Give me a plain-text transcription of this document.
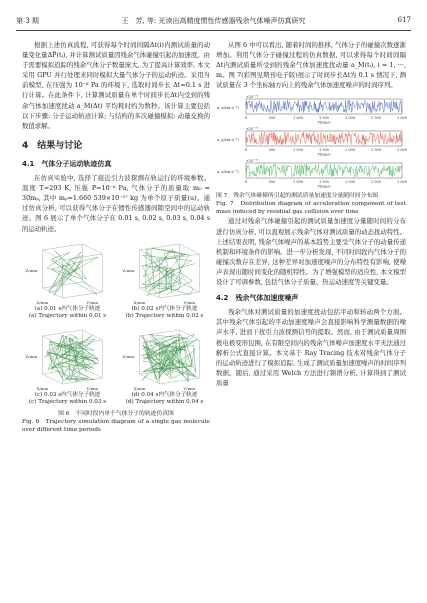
第 3 期	王　芳, 等: 光读出高精度惯性传感器残余气体噪声仿真研究	617

根据上述仿真流程, 可获得每个时间间隔Δt(i)内测试质量的动量变化量ΔP̄(tᵢ), 并计算测试质量因残余气体碰撞引起的加速度。由于需要模拟追踪的残余气体分子数量庞大, 为了提高计算效率, 本文采用 GPU 并行处理来同时模拟大量气体分子的运动轨迹。采用当前模型, 在压强为 10⁻⁶ Pa 的环境下, 选取时间步长 Δt=0.1 s 进行计算。在此条件下, 计算测试质量在单个时间步长Δt内受到的残余气体加速度扰动 a_M(Δt) 平均耗时约为数秒。该计算主要包括以下步骤: 分子运动轨迹计算; 与结构的多次碰撞模拟; 动量交换的数值求解。

4　结果与讨论
4.1　气体分子运动轨迹仿真

在仿真实验中, 选择了接近引力波探测在轨运行的环境参数。温度 T=293 K, 压强 P=10⁻⁶ Pa, 气体分子的质量取 m₀ = 30mₚ, 其中 mₚ=1.660 539×10⁻²⁷ kg 为单个原子质量(u)。通过仿真分析, 可以获得气体分子在惯性传感器间隙空间中的运动轨迹。图 6 展示了单个气体分子在 0.01 s, 0.02 s, 0.03 s, 0.04 s 的运动轨迹。

Z/mm
X/mm	Y/mm
(a) 0.01 s内气体分子轨迹
(a) Trajectory within 0.01 s
Z/mm
X/mm	Y/mm
(b) 0.02 s内气体分子轨迹
(b) Trajectory within 0.02 s
Z/mm
X/mm	Y/mm
(c) 0.03 s内气体分子轨迹
(c) Trajectory within 0.03 s
Z/mm
X/mm	Y/mm
(d) 0.04 s内气体分子轨迹
(d) Trajectory within 0.04 s
图 6　不同时段内单个气体分子的轨迹仿真图
Fig. 6　Trajectory simulation diagram of a single gas molecule over different time periods

从图 6 中可以看出, 随着时间的推移, 气体分子的碰撞次数逐渐增加。利用气体分子碰撞过程的仿真数据, 可以求得每个时间间隔Δt内测试质量所受到的残余气体加速度扰动量 a_M(tᵢ), i = 1, ···, m。图 7(彩图见期刊电子版)展示了时间步长Δt为 0.1 s 情况下, 测试质量在 3 个坐标轴方向上的残余气体加速度噪声的时间序列。

a_x/(m·s⁻²)
×10⁻¹⁴
0	500	1 000	1 500	2 000	2 500	3 000
Time/s
a_y/(m·s⁻²)
×10⁻¹⁴
0	500	1 000	1 500	2 000	2 500	3 000
Time/s
a_z/(m·s⁻²)
×10⁻¹⁴
0	500	1 000	1 500	2 000	2 500	3 000
Time/s
图 7　残余气体碰撞所引起的测试质量加速度分量随时间分布图
Fig. 7　Distribution diagram of acceleration component of test mass induced by residual gas collision over time

通过对残余气体碰撞引起的测试质量加速度分量随时间的分布进行仿真分析, 可以直观展示残余气体对测试质量的动态扰动特性。上述结果表明, 残余气体噪声的基本趋势主要受气体分子的动量传递机制和环境条件的影响。进一步分析发现, 不同时间段内气体分子的碰撞次数存在差异, 这种差异对加速度噪声的分布特性有影响, 使噪声表现出随时间变化的随机特性。为了增强模型的适应性, 本文模型设计了可调参数, 包括气体分子质量、热运动速度等关键变量。

4.2　残余气体加速度噪声

残余气体对测试质量的加速度扰动包括平动和转动两个方面。其中残余气体引起的平动加速度噪声会直接影响科学测量数据的噪声水平, 进而干扰引力波探测信号的提取。然而, 由于测试质量周围极电极变形包围, 在有限空间内的残余气体噪声加速度水平无法通过解析公式直接计算。本文基于 Ray Tracing 技术对残余气体分子的运动轨迹进行了模拟追踪, 生成了测试质量加速度噪声的时间序列数据。随后, 通过采用 Welch 方法进行频谱分析, 计算得到了测试质量
